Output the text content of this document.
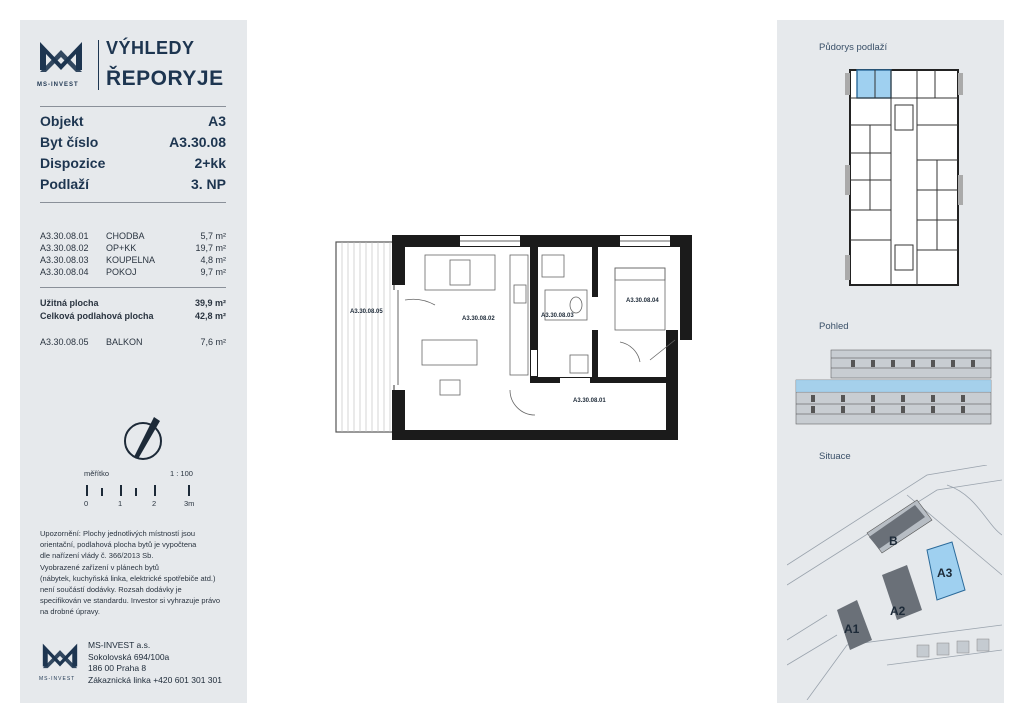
MS-INVEST
VÝHLEDY
ŘEPORYJE
Objekt	A3
Byt číslo	A3.30.08
Dispozice	2+kk
Podlaží	3. NP
A3.30.08.01 CHODBA	5,7 m²
A3.30.08.02 OP+KK	19,7 m²
A3.30.08.03 KOUPELNA	4,8 m²
A3.30.08.04 POKOJ	9,7 m²
Užitná plocha	39,9 m²
Celková podlahová plocha	42,8 m²
A3.30.08.05 BALKON	7,6 m²
měřítko	1 : 100
0	1	2	3m
Upozornění: Plochy jednotlivých místností jsou
orientační, podlahová plocha bytů je vypočtena
dle nařízení vlády č. 366/2013 Sb.
Vyobrazené zařízení v plánech bytů
(nábytek, kuchyňská linka, elektrické spotřebiče atd.)
není součástí dodávky. Rozsah dodávky je
specifikován ve standardu. Investor si vyhrazuje právo
na drobné úpravy.
MS-INVEST
MS-INVEST a.s.
Sokolovská 694/100a
186 00 Praha 8
Zákaznická linka +420 601 301 301
A3.30.08.05
A3.30.08.02	A3.30.08.03
A3.30.08.04
A3.30.08.01
Půdorys podlaží
Pohled
Situace
B
A3
A2
A1
